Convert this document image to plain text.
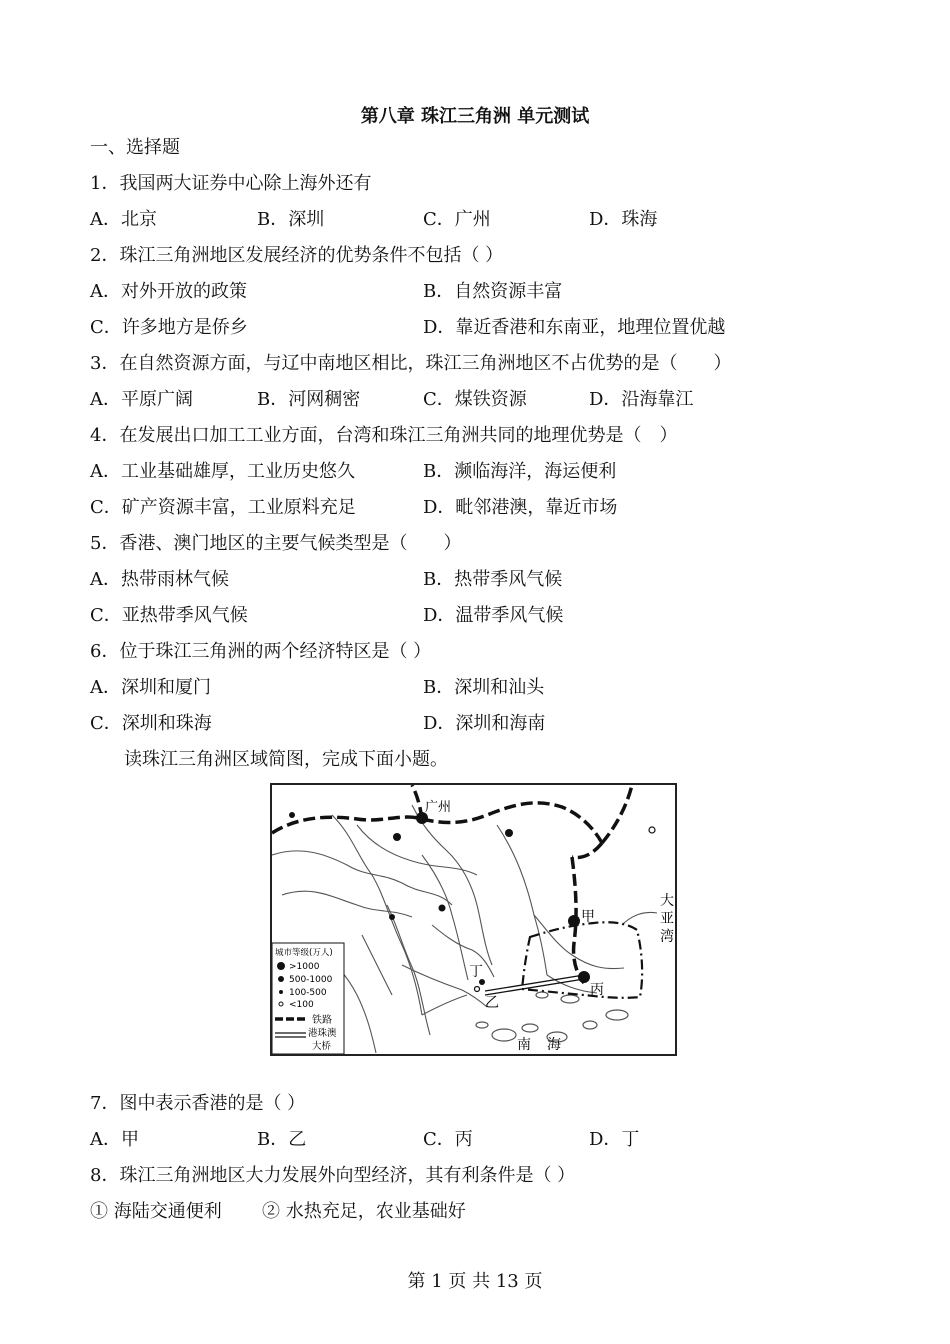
第八章 珠江三角洲 单元测试
一、选择题
1．我国两大证券中心除上海外还有
A．北京	B．深圳	C．广州	D．珠海
2．珠江三角洲地区发展经济的优势条件不包括（ ）
A．对外开放的政策	B．自然资源丰富
C．许多地方是侨乡	D．靠近香港和东南亚，地理位置优越
3．在自然资源方面，与辽中南地区相比，珠江三角洲地区不占优势的是（　　）
A．平原广阔	B．河网稠密	C．煤铁资源	D．沿海靠江
4．在发展出口加工工业方面，台湾和珠江三角洲共同的地理优势是（　）
A．工业基础雄厚，工业历史悠久	B．濒临海洋，海运便利
C．矿产资源丰富，工业原料充足	D．毗邻港澳，靠近市场
5．香港、澳门地区的主要气候类型是（　　）
A．热带雨林气候	B．热带季风气候
C．亚热带季风气候	D．温带季风气候
6．位于珠江三角洲的两个经济特区是（ ）
A．深圳和厦门	B．深圳和汕头
C．深圳和珠海	D．深圳和海南
读珠江三角洲区域简图，完成下面小题。
广州
甲
乙
丙
丁
大
亚
湾
南 海
城市等级(万人)
>1000
500-1000
100-500
<100
铁路
港珠澳
大桥
7．图中表示香港的是（ ）
A．甲	B．乙	C．丙	D．丁
8．珠江三角洲地区大力发展外向型经济，其有利条件是（ ）
① 海陆交通便利 ② 水热充足，农业基础好
第 1 页 共 13 页
